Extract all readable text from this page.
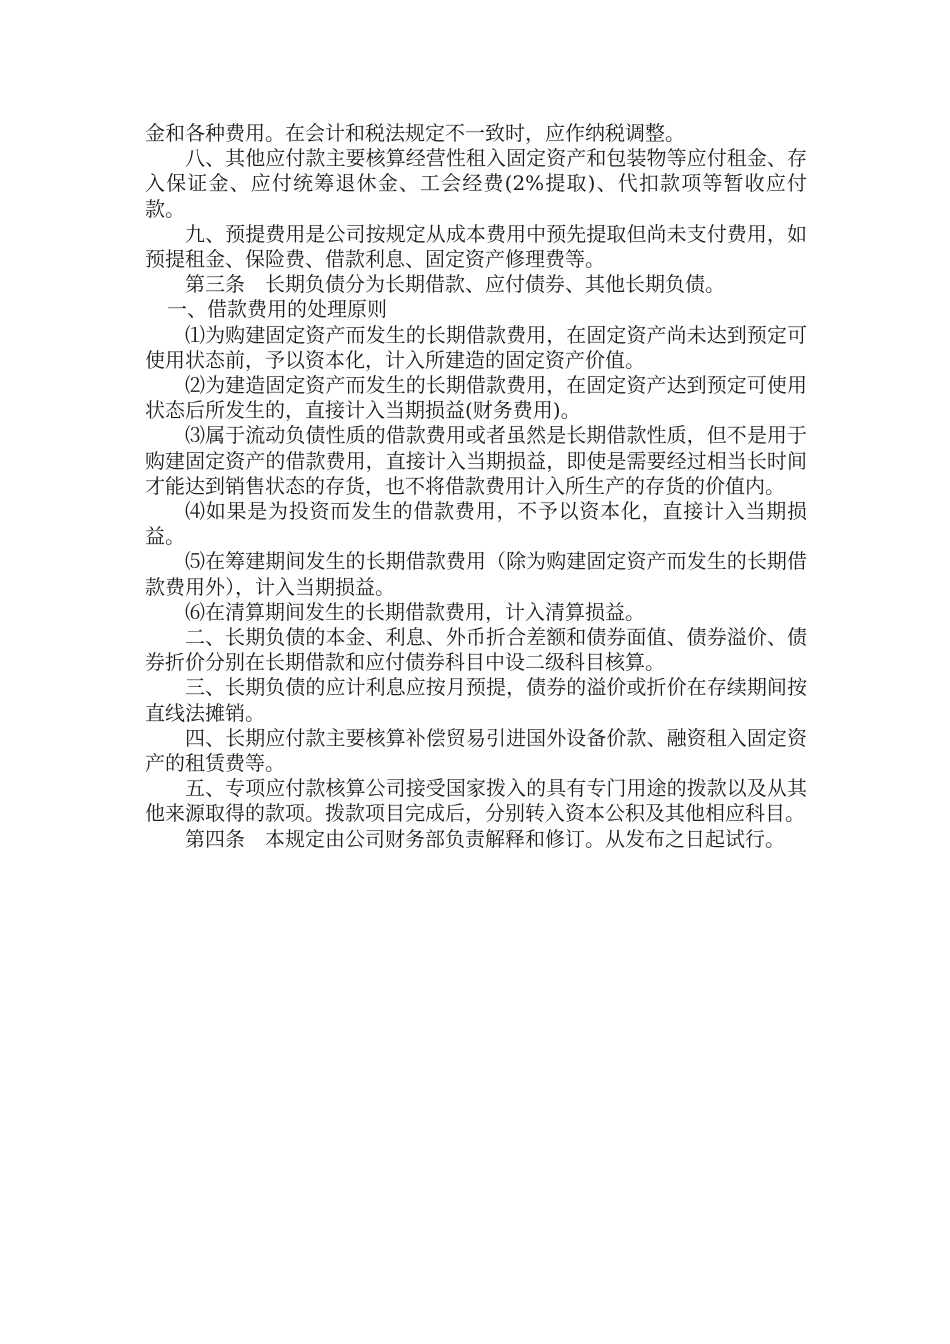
金和各种费用。在会计和税法规定不一致时，应作纳税调整。

八、其他应付款主要核算经营性租入固定资产和包装物等应付租金、存入保证金、应付统筹退休金、工会经费(2%提取)、代扣款项等暂收应付款。

九、预提费用是公司按规定从成本费用中预先提取但尚未支付费用，如预提租金、保险费、借款利息、固定资产修理费等。

第三条　长期负债分为长期借款、应付债券、其他长期负债。

一、借款费用的处理原则

⑴为购建固定资产而发生的长期借款费用，在固定资产尚未达到预定可使用状态前，予以资本化，计入所建造的固定资产价值。

⑵为建造固定资产而发生的长期借款费用，在固定资产达到预定可使用状态后所发生的，直接计入当期损益(财务费用)。

⑶属于流动负债性质的借款费用或者虽然是长期借款性质，但不是用于购建固定资产的借款费用，直接计入当期损益，即使是需要经过相当长时间才能达到销售状态的存货，也不将借款费用计入所生产的存货的价值内。

⑷如果是为投资而发生的借款费用，不予以资本化，直接计入当期损益。

⑸在筹建期间发生的长期借款费用（除为购建固定资产而发生的长期借款费用外），计入当期损益。

⑹在清算期间发生的长期借款费用，计入清算损益。

二、长期负债的本金、利息、外币折合差额和债券面值、债券溢价、债券折价分别在长期借款和应付债券科目中设二级科目核算。

三、长期负债的应计利息应按月预提，债券的溢价或折价在存续期间按直线法摊销。

四、长期应付款主要核算补偿贸易引进国外设备价款、融资租入固定资产的租赁费等。

五、专项应付款核算公司接受国家拨入的具有专门用途的拨款以及从其他来源取得的款项。拨款项目完成后，分别转入资本公积及其他相应科目。

第四条　本规定由公司财务部负责解释和修订。从发布之日起试行。
